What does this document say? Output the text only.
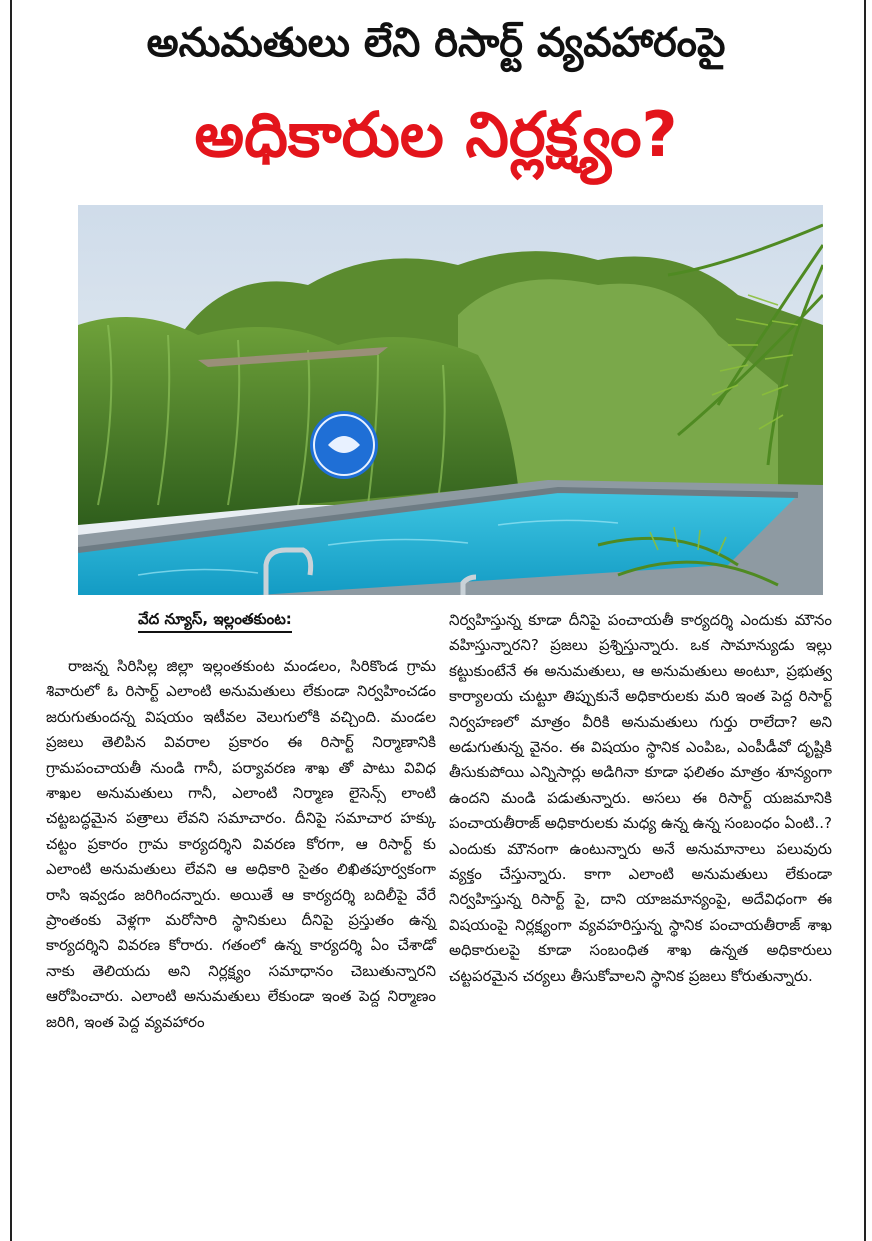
అనుమతులు లేని రిసార్ట్ వ్యవహారంపై
అధికారుల నిర్లక్ష్యం?
వేద న్యూస్, ఇల్లంతకుంట:
రాజన్న సిరిసిల్ల జిల్లా ఇల్లంతకుంట మండలం, సిరికొండ గ్రామ శివారులో ఓ రిసార్ట్ ఎలాంటి అనుమతులు లేకుండా నిర్వహించడం జరుగుతుందన్న విషయం ఇటీవల వెలుగులోకి వచ్చింది. మండల ప్రజలు తెలిపిన వివరాల ప్రకారం ఈ రిసార్ట్ నిర్మాణానికి గ్రామపంచాయతీ నుండి గానీ, పర్యావరణ శాఖ తో పాటు వివిధ శాఖల అనుమతులు గానీ, ఎలాంటి నిర్మాణ లైసెన్స్ లాంటి చట్టబద్ధమైన పత్రాలు లేవని సమాచారం. దీనిపై సమాచార హక్కు చట్టం ప్రకారం గ్రామ కార్యదర్శిని వివరణ కోరగా, ఆ రిసార్ట్ కు ఎలాంటి అనుమతులు లేవని ఆ అధికారి సైతం లిఖితపూర్వకంగా రాసి ఇవ్వడం జరిగిందన్నారు. అయితే ఆ కార్యదర్శి బదిలీపై వేరే ప్రాంతంకు వెళ్లగా మరోసారి స్థానికులు దీనిపై ప్రస్తుతం ఉన్న కార్యదర్శిని వివరణ కోరారు. గతంలో ఉన్న కార్యదర్శి ఏం చేశాడో నాకు తెలియదు అని నిర్లక్ష్యం సమాధానం చెబుతున్నారని ఆరోపించారు. ఎలాంటి అనుమతులు లేకుండా ఇంత పెద్ద నిర్మాణం జరిగి, ఇంత పెద్ద వ్యవహారం
నిర్వహిస్తున్న కూడా దీనిపై పంచాయతీ కార్యదర్శి ఎందుకు మౌనం వహిస్తున్నారని? ప్రజలు ప్రశ్నిస్తున్నారు. ఒక సామాన్యుడు ఇల్లు కట్టుకుంటేనే ఈ అనుమతులు, ఆ అనుమతులు అంటూ, ప్రభుత్వ కార్యాలయ చుట్టూ తిప్పుకునే అధికారులకు మరి ఇంత పెద్ద రిసార్ట్ నిర్వహణలో మాత్రం వీరికి అనుమతులు గుర్తు రాలేదా? అని అడుగుతున్న వైనం. ఈ విషయం స్థానిక ఎంపిఒ, ఎంపీడీవో దృష్టికి తీసుకుపోయి ఎన్నిసార్లు అడిగినా కూడా ఫలితం మాత్రం శూన్యంగా ఉందని మండి పడుతున్నారు. అసలు ఈ రిసార్ట్ యజమానికి పంచాయతీరాజ్ అధికారులకు మధ్య ఉన్న ఉన్న సంబంధం ఏంటి..? ఎందుకు మౌనంగా ఉంటున్నారు అనే అనుమానాలు పలువురు వ్యక్తం చేస్తున్నారు. కాగా ఎలాంటి అనుమతులు లేకుండా నిర్వహిస్తున్న రిసార్ట్ పై, దాని యాజమాన్యంపై, అదేవిధంగా ఈ విషయంపై నిర్లక్ష్యంగా వ్యవహరిస్తున్న స్థానిక పంచాయతీరాజ్ శాఖ అధికారులపై కూడా సంబంధిత శాఖ ఉన్నత అధికారులు చట్టపరమైన చర్యలు తీసుకోవాలని స్థానిక ప్రజలు కోరుతున్నారు.
